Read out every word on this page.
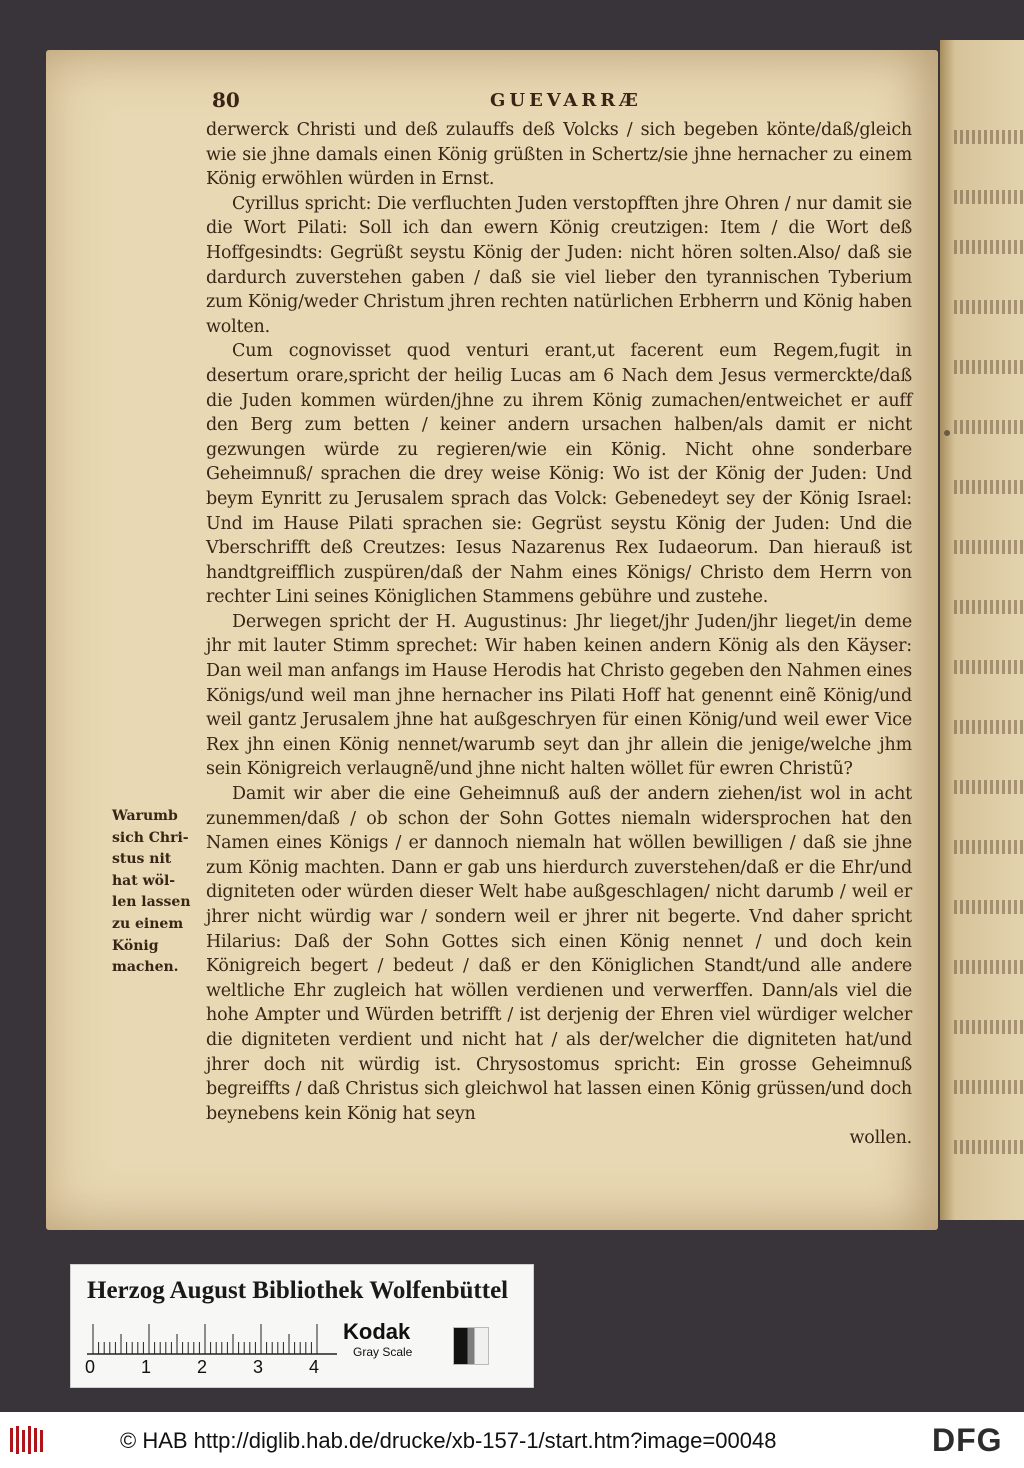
80	GUEVARRÆ

derwerck Christi und deß zulauffs deß Volcks / sich begeben könte/daß/gleich wie sie jhne damals einen König grüßten in Schertz/sie jhne hernacher zu einem König erwöhlen würden in Ernst.

Cyrillus spricht: Die verfluchten Juden verstopfften jhre Ohren / nur damit sie die Wort Pilati: Soll ich dan ewern König creutzigen: Item / die Wort deß Hoffgesindts: Gegrüßt seystu König der Juden: nicht hören solten.Also/ daß sie dardurch zuverstehen gaben / daß sie viel lieber den tyrannischen Tyberium zum König/weder Christum jhren rechten natürlichen Erbherrn und König haben wolten.

Cum cognovisset quod venturi erant,ut facerent eum Regem,fugit in desertum orare,spricht der heilig Lucas am 6 Nach dem Jesus vermerckte/daß die Juden kommen würden/jhne zu ihrem König zumachen/entweichet er auff den Berg zum betten / keiner andern ursachen halben/als damit er nicht gezwungen würde zu regieren/wie ein König. Nicht ohne sonderbare Geheimnuß/ sprachen die drey weise König: Wo ist der König der Juden: Und beym Eynritt zu Jerusalem sprach das Volck: Gebenedeyt sey der König Israel: Und im Hause Pilati sprachen sie: Gegrüst seystu König der Juden: Und die Vberschrifft deß Creutzes: Iesus Nazarenus Rex Iudaeorum. Dan hierauß ist handtgreifflich zuspüren/daß der Nahm eines Königs/ Christo dem Herrn von rechter Lini seines Königlichen Stammens gebühre und zustehe.

Derwegen spricht der H. Augustinus: Jhr lieget/jhr Juden/jhr lieget/in deme jhr mit lauter Stimm sprechet: Wir haben keinen andern König als den Käyser: Dan weil man anfangs im Hause Herodis hat Christo gegeben den Nahmen eines Königs/und weil man jhne hernacher ins Pilati Hoff hat genennt einẽ König/und weil gantz Jerusalem jhne hat außgeschryen für einen König/und weil ewer Vice Rex jhn einen König nennet/warumb seyt dan jhr allein die jenige/welche jhm sein Königreich verlaugnẽ/und jhne nicht halten wöllet für ewren Christũ?

Damit wir aber die eine Geheimnuß auß der andern ziehen/ist wol in acht zunemmen/daß / ob schon der Sohn Gottes niemaln widersprochen hat den Namen eines Königs / er dannoch niemaln hat wöllen bewilligen / daß sie jhne zum König machten. Dann er gab uns hierdurch zuverstehen/daß er die Ehr/und digniteten oder würden dieser Welt habe außgeschlagen/ nicht darumb / weil er jhrer nicht würdig war / sondern weil er jhrer nit begerte. Vnd daher spricht Hilarius: Daß der Sohn Gottes sich einen König nennet / und doch kein Königreich begert / bedeut / daß er den Königlichen Standt/und alle andere weltliche Ehr zugleich hat wöllen verdienen und verwerffen. Dann/als viel die hohe Ampter und Würden betrifft / ist derjenig der Ehren viel würdiger welcher die digniteten verdient und nicht hat / als der/welcher die digniteten hat/und jhrer doch nit würdig ist. Chrysostomus spricht: Ein grosse Geheimnuß begreiffts / daß Christus sich gleichwol hat lassen einen König grüssen/und doch beynebens kein König hat seyn

wollen.

Warumb
sich Chri-
stus nit
hat wöl-
len lassen
zu einem
König
machen.
Herzog August Bibliothek Wolfenbüttel
0	1	2	3	4
Kodak
Gray Scale
© HAB http://diglib.hab.de/drucke/xb-157-1/start.htm?image=00048	DFG
